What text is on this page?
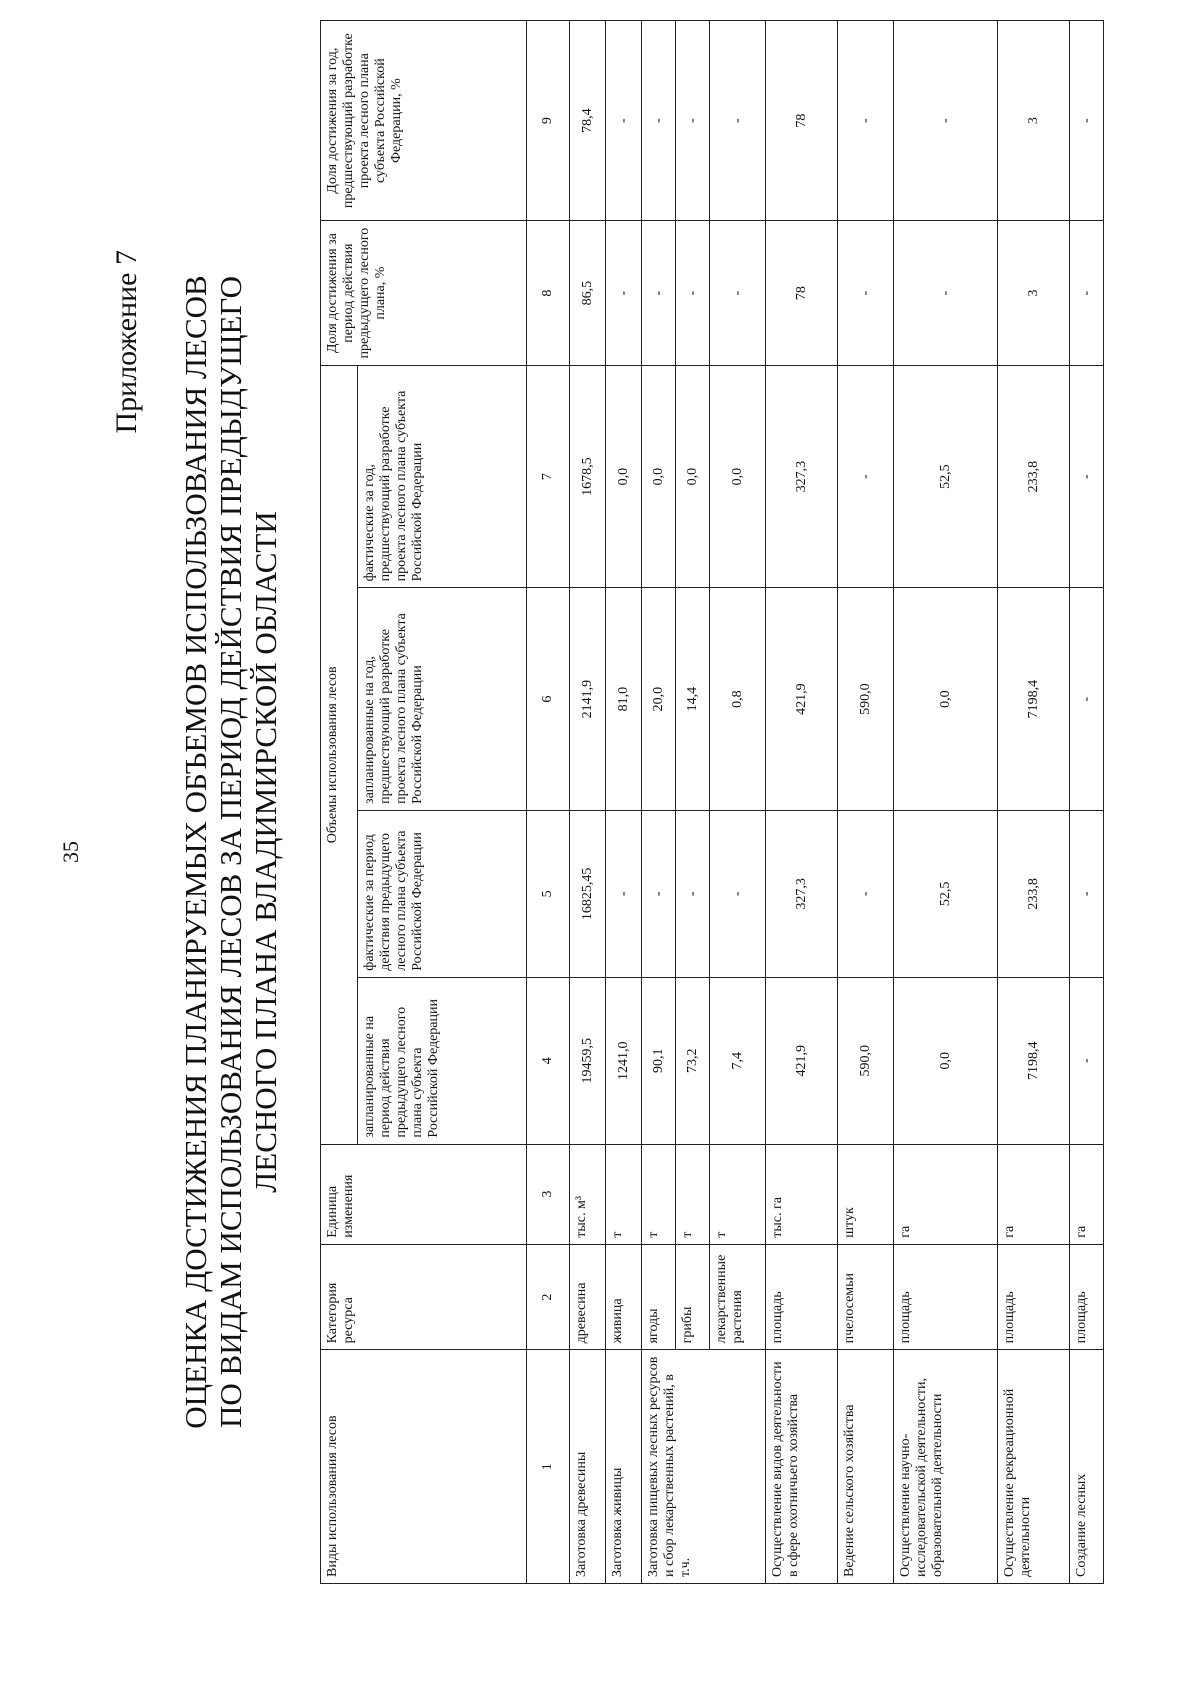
35
Приложение 7 ОЦЕНКА ДОСТИЖЕНИЯ ПЛАНИРУЕМЫХ ОБЪЕМОВ ИСПОЛЬЗОВАНИЯ ЛЕСОВ ПО ВИДАМ ИСПОЛЬЗОВАНИЯ ЛЕСОВ ЗА ПЕРИОД ДЕЙСТВИЯ ПРЕДЫДУЩЕГО ЛЕСНОГО ПЛАНА ВЛАДИМИРСКОЙ ОБЛАСТИ
Виды использования лесов	Категория ресурса	Единица изменения	Объемы использования лесов				Доля достижения за период действия предыдущего лесного плана, %	Доля достижения за год, предшествующий разработке проекта лесного плана субъекта Российской Федерации, %
			запланированные на период действия предыдущего лесного плана субъекта Российской Федерации	фактические за период действия предыдущего лесного плана субъекта Российской Федерации	запланированные на год, предшествующий разработке проекта лесного плана субъекта Российской Федерации	фактические за год, предшествующий разработке проекта лесного плана субъекта Российской Федерации		
1	2	3	4	5	6	7	8	9
Заготовка древесины	древесина	тыс. м³	19459,5	16825,45	2141,9	1678,5	86,5	78,4
Заготовка живицы	живица	т	1241,0	-	81,0	0,0	-	-
Заготовка пищевых лесных ресурсов и сбор лекарственных растений, в т.ч.	ягоды	т	90,1	-	20,0	0,0	-	-
	грибы	т	73,2	-	14,4	0,0	-	-
	лекарственные растения	т	7,4	-	0,8	0,0	-	-
Осуществление видов деятельности в сфере охотничьего хозяйства	площадь	тыс. га	421,9	327,3	421,9	327,3	78	78
Ведение сельского хозяйства	пчелосемьи	штук	590,0	-	590,0	-	-	-
Осуществление научно-исследовательской деятельности, образовательной деятельности	площадь	га	0,0	52,5	0,0	52,5	-	-
Осуществление рекреационной деятельности	площадь	га	7198,4	233,8	7198,4	233,8	3	3
Создание лесных	площадь	га	-	-	-	-	-	-
